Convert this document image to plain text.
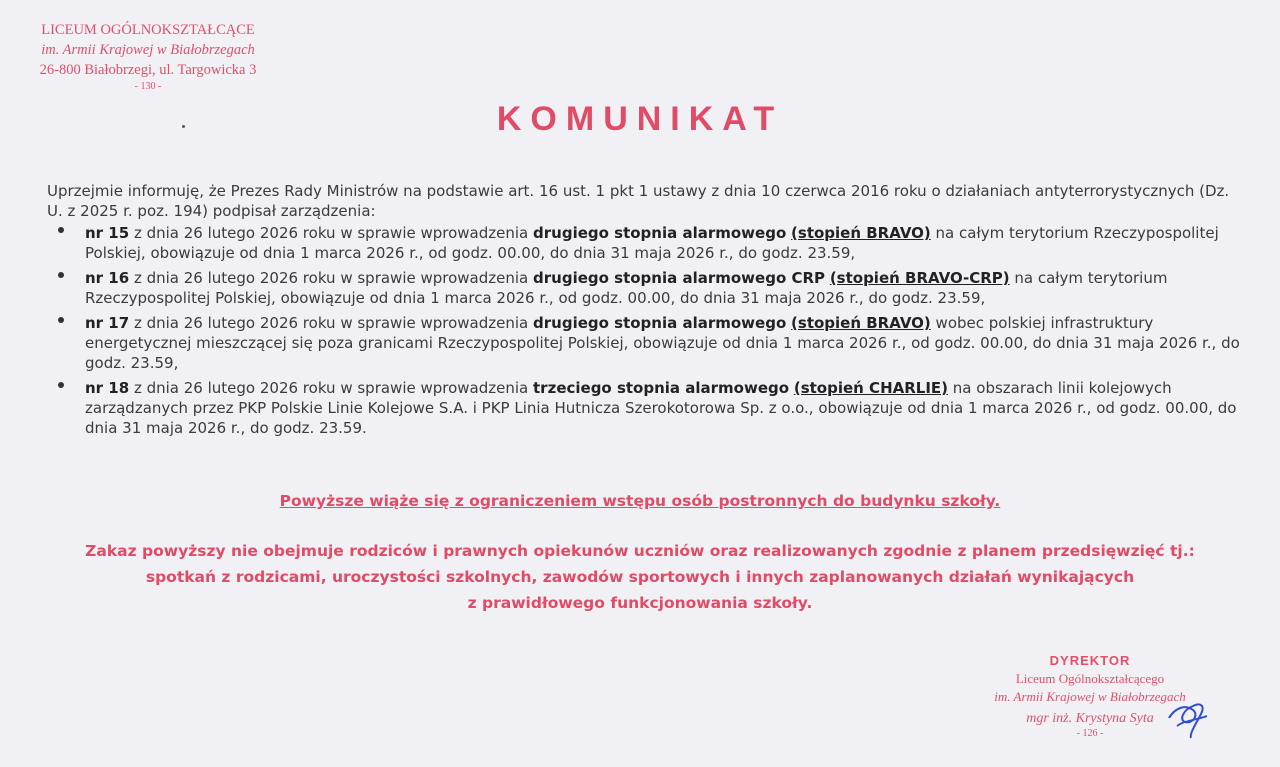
LICEUM OGÓLNOKSZTAŁCĄCE
im. Armii Krajowej w Białobrzegach
26-800 Białobrzegi, ul. Targowicka 3
- 130 -
KOMUNIKAT

Uprzejmie informuję, że Prezes Rady Ministrów na podstawie art. 16 ust. 1 pkt 1 ustawy z dnia 10 czerwca 2016 roku o działaniach antyterrorystycznych (Dz. U. z 2025 r. poz. 194) podpisał zarządzenia:

nr 15 z dnia 26 lutego 2026 roku w sprawie wprowadzenia drugiego stopnia alarmowego (stopień BRAVO) na całym terytorium Rzeczypospolitej Polskiej, obowiązuje od dnia 1 marca 2026 r., od godz. 00.00, do dnia 31 maja 2026 r., do godz. 23.59,
nr 16 z dnia 26 lutego 2026 roku w sprawie wprowadzenia drugiego stopnia alarmowego CRP (stopień BRAVO-CRP) na całym terytorium Rzeczypospolitej Polskiej, obowiązuje od dnia 1 marca 2026 r., od godz. 00.00, do dnia 31 maja 2026 r., do godz. 23.59,
nr 17 z dnia 26 lutego 2026 roku w sprawie wprowadzenia drugiego stopnia alarmowego (stopień BRAVO) wobec polskiej infrastruktury energetycznej mieszczącej się poza granicami Rzeczypospolitej Polskiej, obowiązuje od dnia 1 marca 2026 r., od godz. 00.00, do dnia 31 maja 2026 r., do godz. 23.59,
nr 18 z dnia 26 lutego 2026 roku w sprawie wprowadzenia trzeciego stopnia alarmowego (stopień CHARLIE) na obszarach linii kolejowych zarządzanych przez PKP Polskie Linie Kolejowe S.A. i PKP Linia Hutnicza Szerokotorowa Sp. z o.o., obowiązuje od dnia 1 marca 2026 r., od godz. 00.00, do dnia 31 maja 2026 r., do godz. 23.59.
Powyższe wiąże się z ograniczeniem wstępu osób postronnych do budynku szkoły.
Zakaz powyższy nie obejmuje rodziców i prawnych opiekunów uczniów oraz realizowanych zgodnie z planem przedsięwzięć tj.:
spotkań z rodzicami, uroczystości szkolnych, zawodów sportowych i innych zaplanowanych działań wynikających
z prawidłowego funkcjonowania szkoły.
DYREKTOR
Liceum Ogólnokształcącego
im. Armii Krajowej w Białobrzegach
mgr inż. Krystyna Syta
- 126 -
